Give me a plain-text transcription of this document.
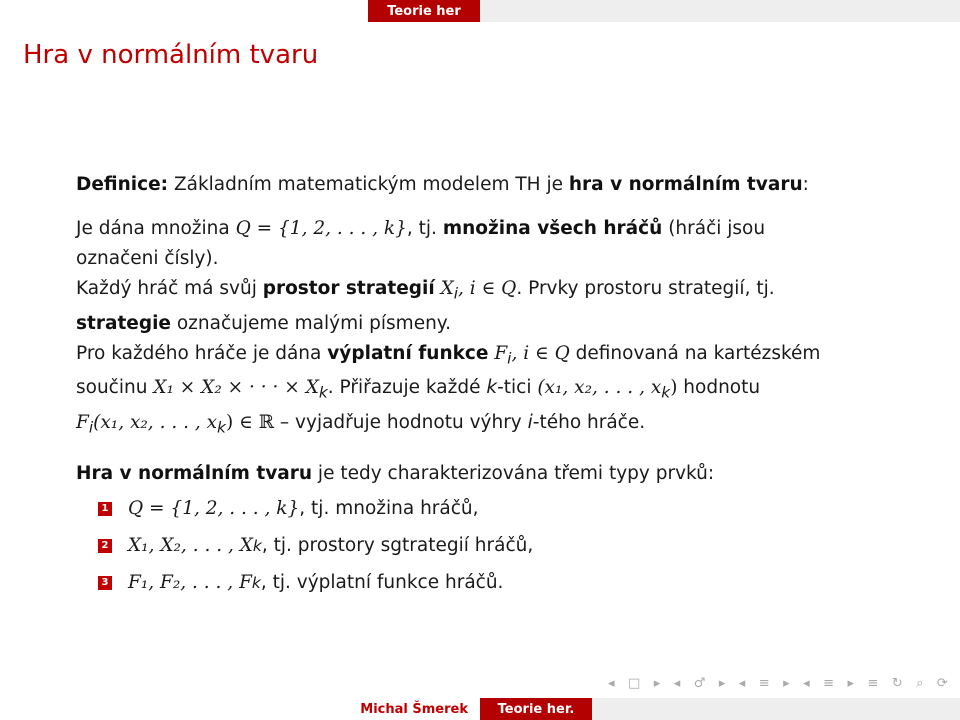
Teorie her
Hra v normálním tvaru
Definice: Základním matematickým modelem TH je hra v normálním tvaru:
Je dána množina Q = {1, 2, . . . , k}, tj. množina všech hráčů (hráči jsou
označeni čísly).
Každý hráč má svůj prostor strategií $X_i$, i ∈ Q. Prvky prostoru strategií, tj.
strategie označujeme malými písmeny.
Pro každého hráče je dána výplatní funkce $F_i$, i ∈ Q definovaná na kartézském
součinu X₁ × X₂ × · · · × $X_k$. Přiřazuje každé k-tici (x₁, x₂, . . . , $x_k$) hodnotu
$F_i(x_1$, x₂, . . . , $x_k$) ∈ ℝ – vyjadřuje hodnotu výhry i-tého hráče.
Hra v normálním tvaru je tedy charakterizována třemi typy prvků:
1 Q = {1, 2, . . . , k} , tj. množina hráčů,
2 X₁, X₂, . . . , X k , tj. prostory sgtrategií hráčů,
3 F₁, F₂, . . . , F k , tj. výplatní funkce hráčů.
◂ □ ▸ ◂ ♂ ▸ ◂ ≡ ▸ ◂ ≡ ▸ ≡ ↻ ⌕ ⟳
Michal Šmerek	Teorie her.
